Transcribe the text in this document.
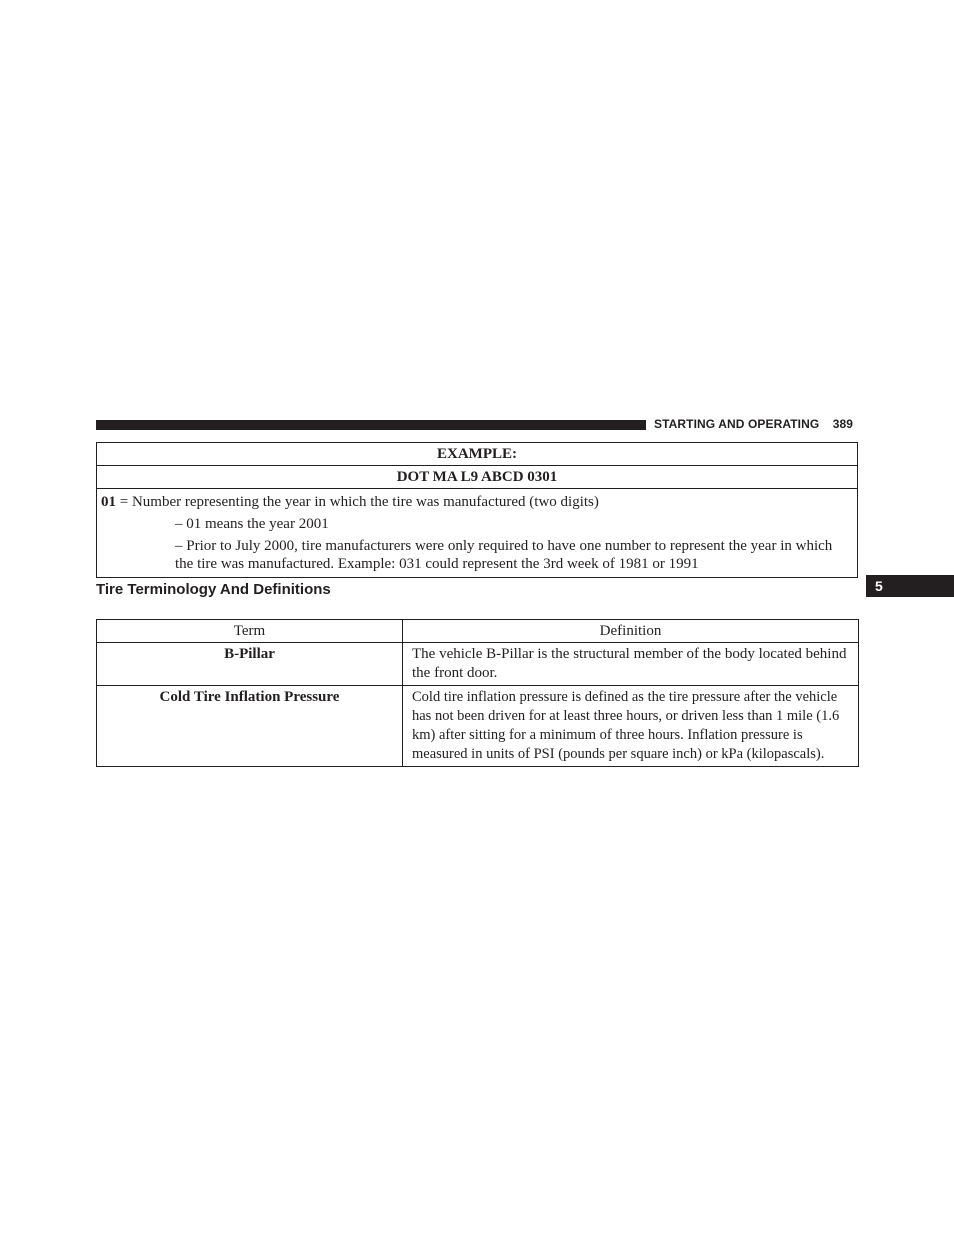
STARTING AND OPERATING 389
EXAMPLE:
DOT MA L9 ABCD 0301

01 = Number representing the year in which the tire was manufactured (two digits)
– 01 means the year 2001
– Prior to July 2000, tire manufacturers were only required to have one number to represent the year in which the tire was manufactured. Example: 031 could represent the 3rd week of 1981 or 1991
Tire Terminology And Definitions	5
Term	Definition
B-Pillar	The vehicle B-Pillar is the structural member of the body located behind the front door.
Cold Tire Inflation Pressure	Cold tire inflation pressure is defined as the tire pressure after the vehicle has not been driven for at least three hours, or driven less than 1 mile (1.6 km) after sitting for a minimum of three hours. Inflation pressure is measured in units of PSI (pounds per square inch) or kPa (kilopascals).
